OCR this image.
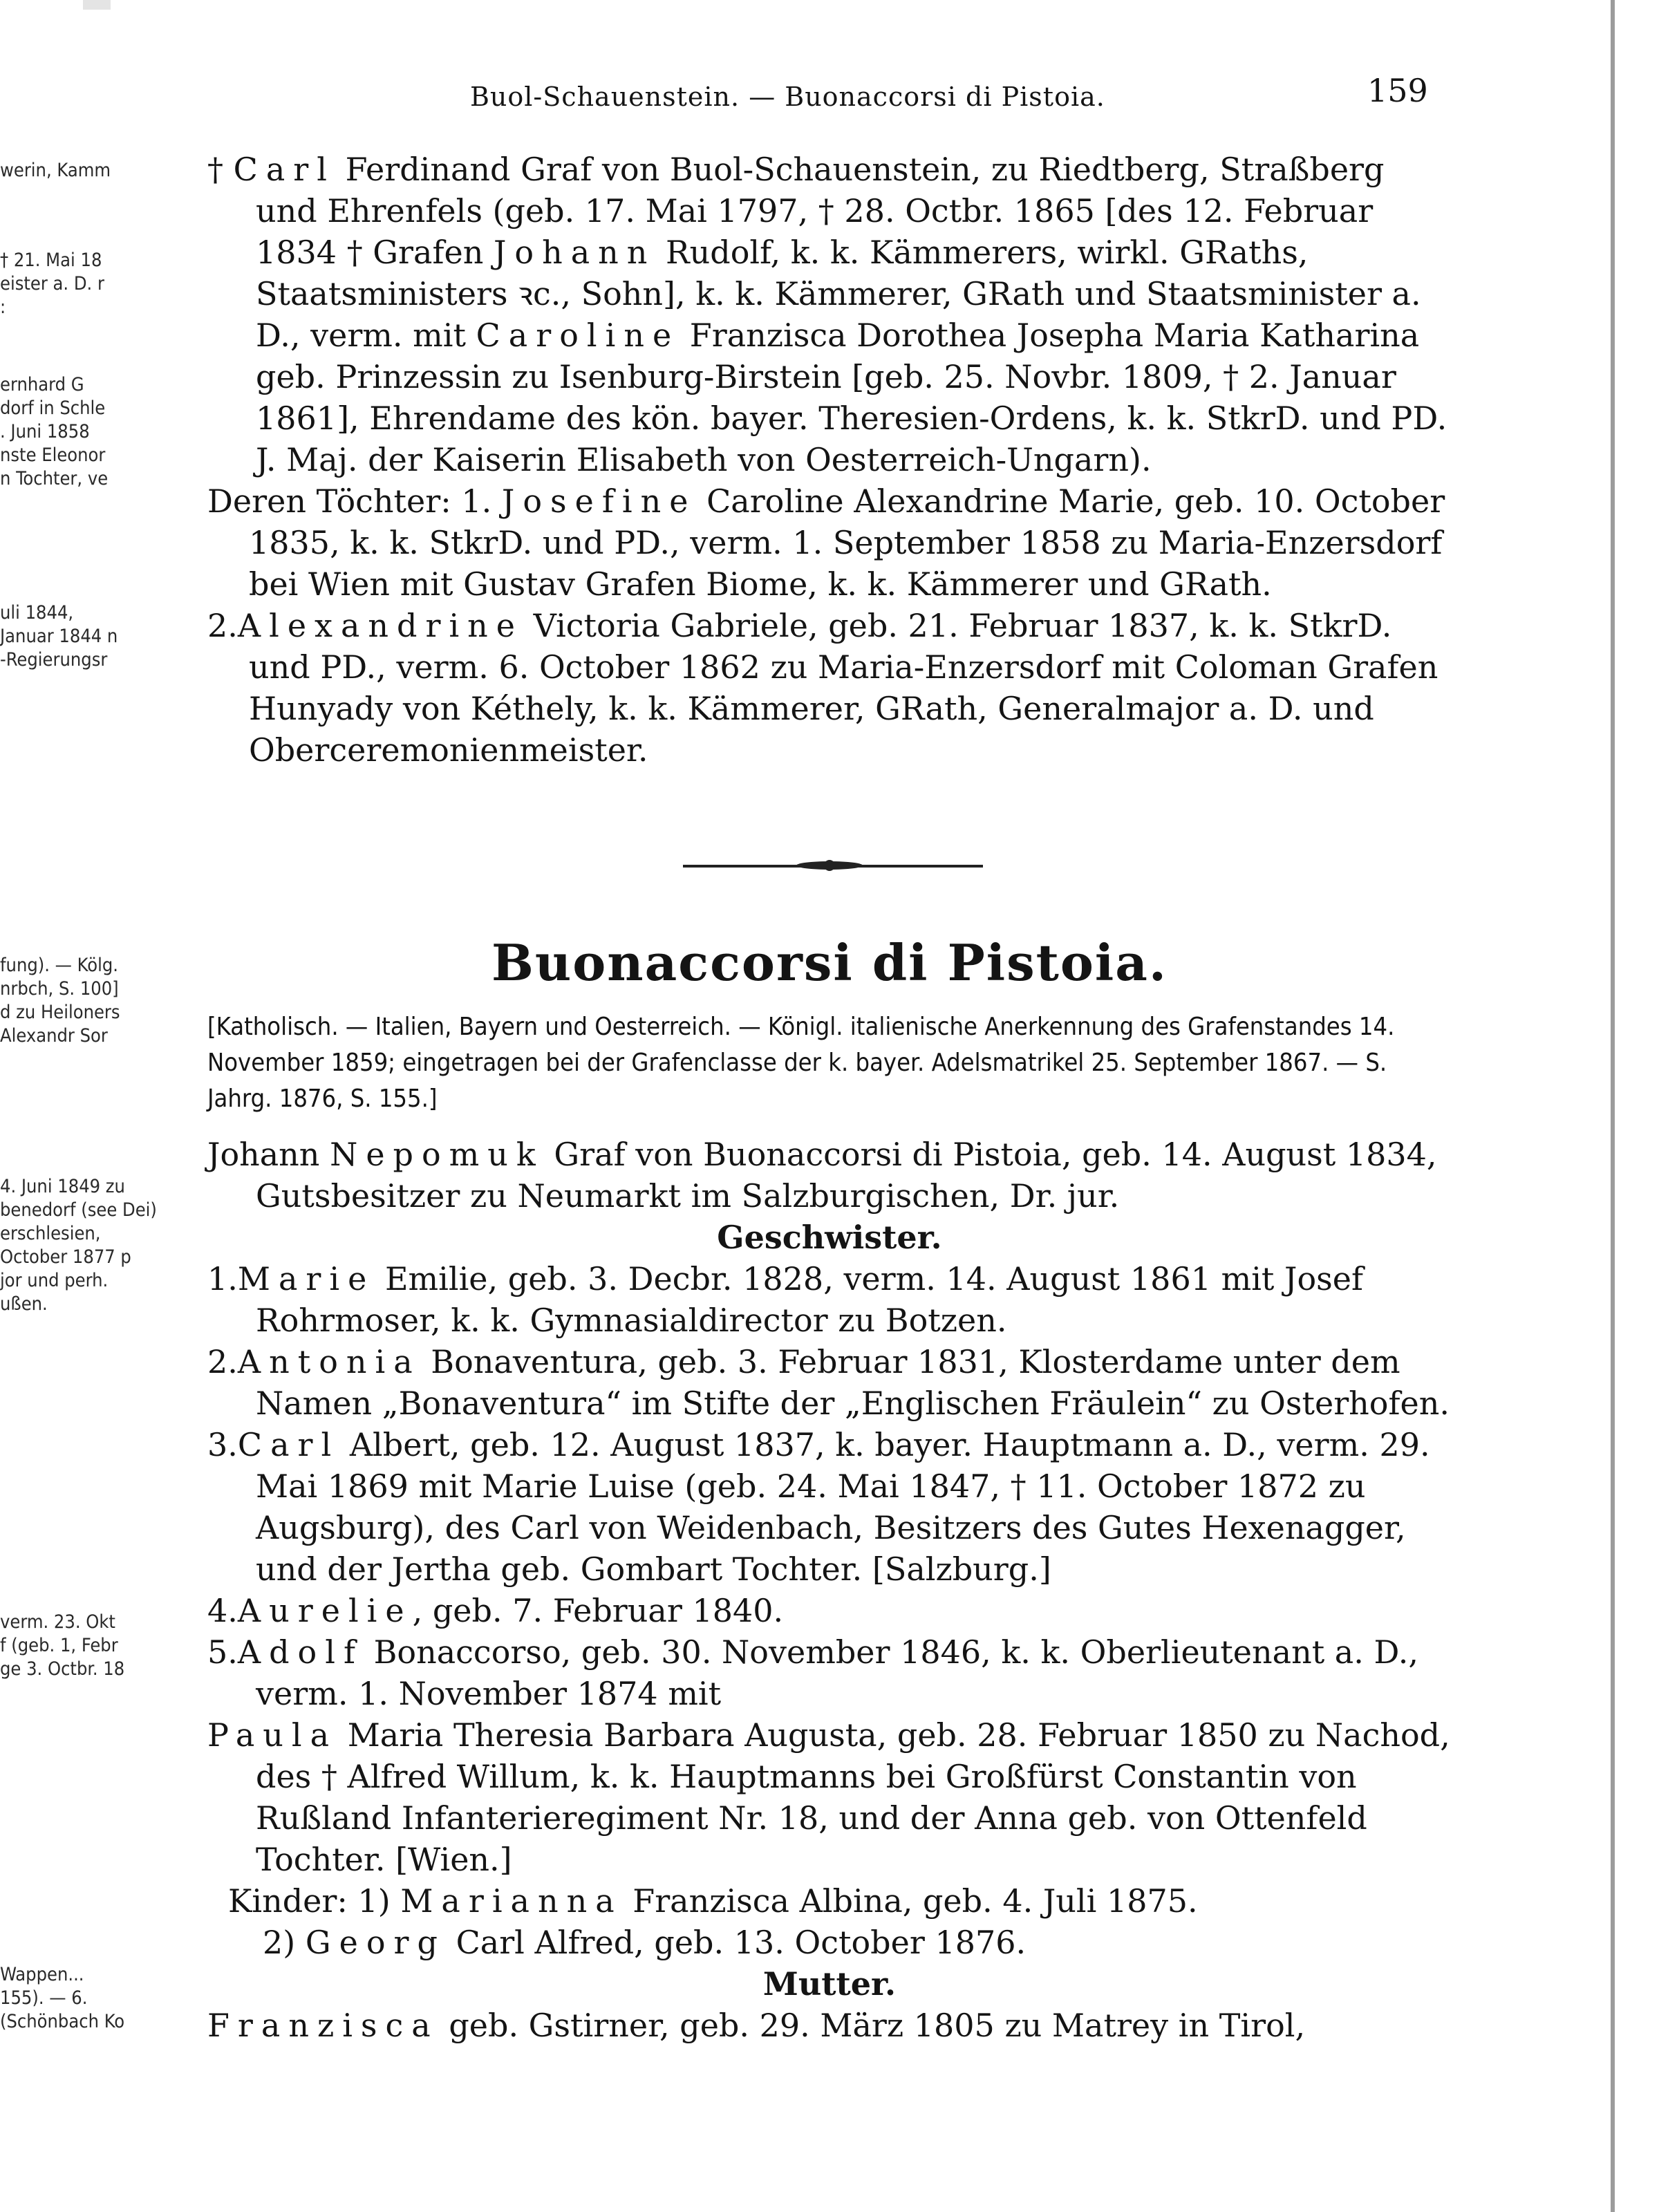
werin, Kamm
† 21. Mai 18
eister a. D. r
:
ernhard G
dorf in Schle
. Juni 1858
nste Eleonor
n Tochter, ve
uli 1844,
Januar 1844 n
-Regierungsr
fung). — Kölg.
nrbch, S. 100]
d zu Heiloners
Alexandr Sor
4. Juni 1849 zu
benedorf (see Dei)
erschlesien,
October 1877 p
jor und perh.
ußen.
verm. 23. Okt
f (geb. 1, Febr
ge 3. Octbr. 18
Wappen...
155). — 6.
(Schönbach Ko
Buol-Schauenstein. — Buonaccorsi di Pistoia.	159

† Carl Ferdinand Graf von Buol-Schauenstein, zu Riedtberg, Straßberg und Ehrenfels (geb. 17. Mai 1797, † 28. Octbr. 1865 [des 12. Februar 1834 † Grafen Johann Rudolf, k. k. Kämmerers, wirkl. GRaths, Staatsministers ꝛc., Sohn], k. k. Kämmerer, GRath und Staatsminister a. D., verm. mit Caroline Franzisca Dorothea Josepha Maria Katharina geb. Prinzessin zu Isenburg-Birstein [geb. 25. Novbr. 1809, † 2. Januar 1861], Ehrendame des kön. bayer. Theresien-Ordens, k. k. StkrD. und PD. J. Maj. der Kaiserin Elisabeth von Oesterreich-Ungarn).

Deren Töchter: 1. Josefine Caroline Alexandrine Marie, geb. 10. October 1835, k. k. StkrD. und PD., verm. 1. September 1858 zu Maria-Enzersdorf bei Wien mit Gustav Grafen Biome, k. k. Kämmerer und GRath.

2.Alexandrine Victoria Gabriele, geb. 21. Februar 1837, k. k. StkrD. und PD., verm. 6. October 1862 zu Maria-Enzersdorf mit Coloman Grafen Hunyady von Kéthely, k. k. Kämmerer, GRath, Generalmajor a. D. und Oberceremonienmeister.

Buonaccorsi di Pistoia.
[Katholisch. — Italien, Bayern und Oesterreich. — Königl. italienische Anerkennung des Grafenstandes 14. November 1859; eingetragen bei der Grafenclasse der k. bayer. Adelsmatrikel 25. September 1867. — S. Jahrg. 1876, S. 155.]

Johann Nepomuk Graf von Buonaccorsi di Pistoia, geb. 14. August 1834, Gutsbesitzer zu Neumarkt im Salzburgischen, Dr. jur.

Geschwister.

1.Marie Emilie, geb. 3. Decbr. 1828, verm. 14. August 1861 mit Josef Rohrmoser, k. k. Gymnasialdirector zu Botzen.

2.Antonia Bonaventura, geb. 3. Februar 1831, Klosterdame unter dem Namen „Bonaventura“ im Stifte der „Englischen Fräulein“ zu Osterhofen.

3.Carl Albert, geb. 12. August 1837, k. bayer. Hauptmann a. D., verm. 29. Mai 1869 mit Marie Luise (geb. 24. Mai 1847, † 11. October 1872 zu Augsburg), des Carl von Weidenbach, Besitzers des Gutes Hexenagger, und der Jertha geb. Gombart Tochter. [Salzburg.]

4.Aurelie, geb. 7. Februar 1840.

5.Adolf Bonaccorso, geb. 30. November 1846, k. k. Oberlieutenant a. D., verm. 1. November 1874 mit

Paula Maria Theresia Barbara Augusta, geb. 28. Februar 1850 zu Nachod, des † Alfred Willum, k. k. Hauptmanns bei Großfürst Constantin von Rußland Infanterieregiment Nr. 18, und der Anna geb. von Ottenfeld Tochter. [Wien.]

Kinder: 1) Marianna Franzisca Albina, geb. 4. Juli 1875.

2) Georg Carl Alfred, geb. 13. October 1876.

Mutter.

Franzisca geb. Gstirner, geb. 29. März 1805 zu Matrey in Tirol,
